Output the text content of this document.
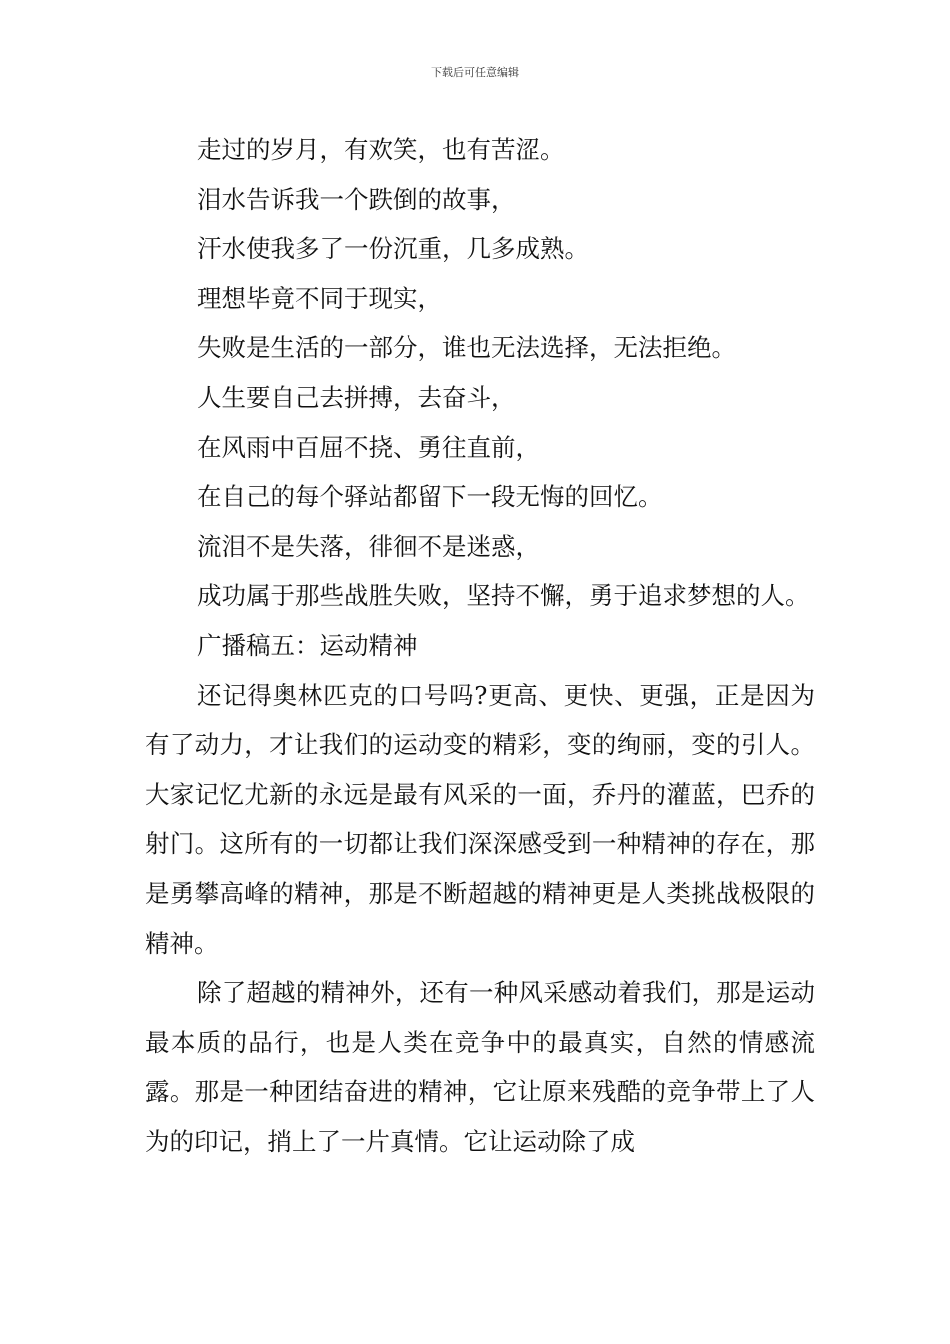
下载后可任意编辑

走过的岁月，有欢笑，也有苦涩。

泪水告诉我一个跌倒的故事，

汗水使我多了一份沉重，几多成熟。

理想毕竟不同于现实，

失败是生活的一部分，谁也无法选择，无法拒绝。

人生要自己去拼搏，去奋斗，

在风雨中百屈不挠、勇往直前，

在自己的每个驿站都留下一段无悔的回忆。

流泪不是失落，徘徊不是迷惑，

成功属于那些战胜失败，坚持不懈，勇于追求梦想的人。

广播稿五：运动精神

还记得奥林匹克的口号吗?更高、更快、更强，正是因为有了动力，才让我们的运动变的精彩，变的绚丽，变的引人。大家记忆尤新的永远是最有风采的一面，乔丹的灌蓝，巴乔的射门。这所有的一切都让我们深深感受到一种精神的存在，那是勇攀高峰的精神，那是不断超越的精神更是人类挑战极限的精神。

除了超越的精神外，还有一种风采感动着我们，那是运动最本质的品行，也是人类在竞争中的最真实，自然的情感流露。那是一种团结奋进的精神，它让原来残酷的竞争带上了人为的印记，捎上了一片真情。它让运动除了成
